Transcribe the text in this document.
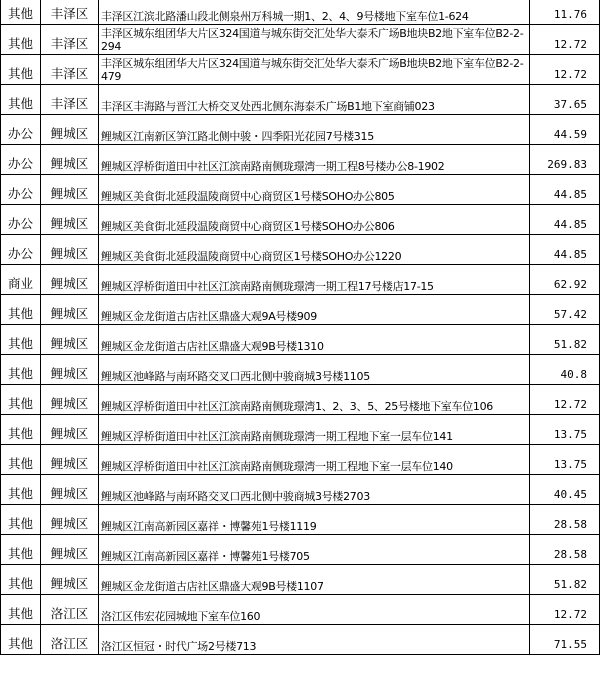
其他	丰泽区	丰泽区江滨北路潘山段北侧泉州万科城一期1、2、4、9号楼地下室车位1-624	11.76
其他	丰泽区	丰泽区城东组团华大片区324国道与城东街交汇处华大泰禾广场B地块B2地下室车位B2-2-294	12.72
其他	丰泽区	丰泽区城东组团华大片区324国道与城东街交汇处华大泰禾广场B地块B2地下室车位B2-2-479	12.72
其他	丰泽区	丰泽区丰海路与晋江大桥交叉处西北侧东海泰禾广场B1地下室商铺023	37.65
办公	鲤城区	鲤城区江南新区笋江路北侧中骏・四季阳光花园7号楼315	44.59
办公	鲤城区	鲤城区浮桥街道田中社区江滨南路南侧珑璟湾一期工程8号楼办公8-1902	269.83
办公	鲤城区	鲤城区美食街北延段温陵商贸中心商贸区1号楼SOHO办公805	44.85
办公	鲤城区	鲤城区美食街北延段温陵商贸中心商贸区1号楼SOHO办公806	44.85
办公	鲤城区	鲤城区美食街北延段温陵商贸中心商贸区1号楼SOHO办公1220	44.85
商业	鲤城区	鲤城区浮桥街道田中社区江滨南路南侧珑璟湾一期工程17号楼店17-15	62.92
其他	鲤城区	鲤城区金龙街道古店社区鼎盛大观9A号楼909	57.42
其他	鲤城区	鲤城区金龙街道古店社区鼎盛大观9B号楼1310	51.82
其他	鲤城区	鲤城区池峰路与南环路交叉口西北侧中骏商城3号楼1105	40.8
其他	鲤城区	鲤城区浮桥街道田中社区江滨南路南侧珑璟湾1、2、3、5、25号楼地下室车位106	12.72
其他	鲤城区	鲤城区浮桥街道田中社区江滨南路南侧珑璟湾一期工程地下室一层车位141	13.75
其他	鲤城区	鲤城区浮桥街道田中社区江滨南路南侧珑璟湾一期工程地下室一层车位140	13.75
其他	鲤城区	鲤城区池峰路与南环路交叉口西北侧中骏商城3号楼2703	40.45
其他	鲤城区	鲤城区江南高新园区嘉祥・博馨苑1号楼1119	28.58
其他	鲤城区	鲤城区江南高新园区嘉祥・博馨苑1号楼705	28.58
其他	鲤城区	鲤城区金龙街道古店社区鼎盛大观9B号楼1107	51.82
其他	洛江区	洛江区伟宏花园城地下室车位160	12.72
其他	洛江区	洛江区恒冠・时代广场2号楼713	71.55
